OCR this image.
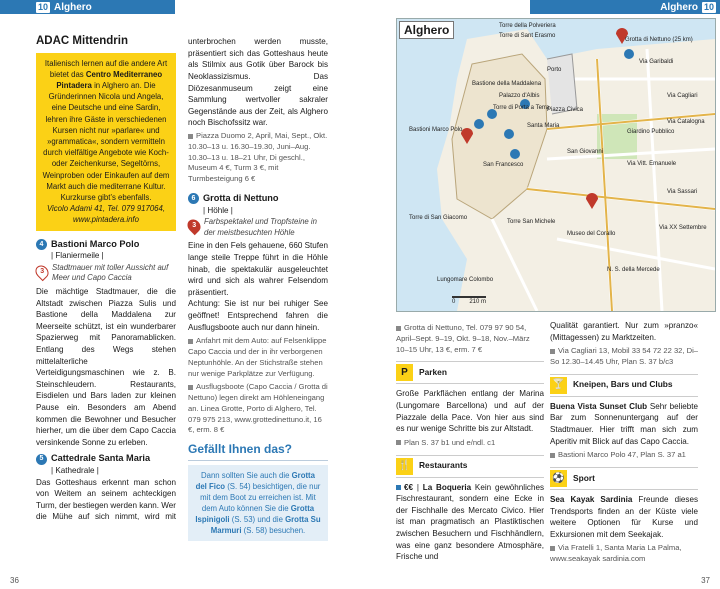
10 Alghero
ADAC Mittendrin
Italienisch lernen auf die andere Art bietet das Centro Mediterraneo Pintadera in Alghero an. Die Gründerinnen Nicola und Angela, eine Deutsche und eine Sardin, lehren ihre Gäste in verschiedenen Kursen nicht nur »parlare« und »grammatica«, sondern vermitteln durch vielfältige Angebote wie Koch- oder Zeichenkurse, Segeltörns, Weinproben oder Einkaufen auf dem Markt auch die mediterrane Kultur. Kurzkurse gibt’s ebenfalls.
Vicolo Adami 41, Tel. 079 917064, www.pintadera.info
4 Bastioni Marco Polo
| Flaniermeile |
3 Stadtmauer mit toller Aussicht auf Meer und Capo Caccia

Die mächtige Stadtmauer, die die Altstadt zwischen Piazza Sulis und Bastione della Maddalena zur Meerseite schützt, ist ein wunderbarer Spazierweg mit Panoramablicken. Entlang des Wegs stehen mittelalterliche Verteidigungsmaschinen wie z. B. Steinschleudern. Restaurants, Eisdielen und Bars laden zur kleinen Pause ein. Besonders am Abend kommen die Bewohner und Besucher hierher, um die über dem Capo Caccia versinkende Sonne zu erleben.

5 Cattedrale Santa Maria
| Kathedrale |

Das Gotteshaus erkennt man schon von Weitem an seinem achteckigen Turm, der bestiegen werden kann. Wer die Mühe auf sich nimmt, wird mit

unterbrochen werden musste, präsentiert sich das Gotteshaus heute als Stilmix aus Gotik über Barock bis Neoklassizismus. Das Diözesanmuseum zeigt eine Sammlung wertvoller sakraler Gegenstände aus der Zeit, als Alghero noch Bischofssitz war.

Piazza Duomo 2, April, Mai, Sept., Okt. 10.30–13 u. 16.30–19.30, Juni–Aug. 10.30–13 u. 18–21 Uhr, Di geschl., Museum 4 €, Turm 3 €, mit Turmbesteigung 6 €
6 Grotta di Nettuno
| Höhle |
3 Farbspektakel und Tropfsteine in der meistbesuchten Höhle

Eine in den Fels gehauene, 660 Stufen lange steile Treppe führt in die Höhle hinab, die spektakulär ausgeleuchtet wird und sich als wahrer Felsendom präsentiert.

Achtung: Sie ist nur bei ruhiger See geöffnet! Entsprechend fahren die Ausflugsboote auch nur dann hinein.

Anfahrt mit dem Auto: auf Felsenklippe Capo Caccia und der in ihr verborgenen Neptunhöhle. An der Stichstraße stehen nur wenige Parkplätze zur Verfügung.
Ausflugsboote (Capo Caccia / Grotta di Nettuno) legen direkt am Höhleneingang an. Linea Grotte, Porto di Alghero, Tel. 079 975 213, www.grottedinettuno.it, 16 €, erm. 8 €
Gefällt Ihnen das?
Dann sollten Sie auch die Grotta del Fico (S. 54) besichtigen, die nur mit dem Boot zu erreichen ist. Mit dem Auto können Sie die Grotta Ispinigoli (S. 53) und die Grotta Su Marmuri (S. 58) besuchen.
36
Alghero 10
Alghero
0 210 m
Torre della Polveriera
Torre di Sant Erasmo
Porto
Grotta di Nettuno (25 km)
Bastione della Maddalena
Palazzo d'Albis
Torre di Porta a Terra
Piazza Civica
Santa Maria
Bastioni Marco Polo
San Francesco
San Giovanni
Giardino Pubblico
Via Catalogna
Via Vitt. Emanuele
Via Sassari
Torre di San Giacomo
Torre San Michele
Museo del Corallo
N. S. della Mercede
Via XX Settembre
Lungomare Colombo
Via Garibaldi
Via Cagliari
Grotta di Nettuno, Tel. 079 97 90 54, April–Sept. 9–19, Okt. 9–18, Nov.–März 10–15 Uhr, 13 €, erm. 7 €
P	Parken

Große Parkflächen entlang der Marina (Lungomare Barcellona) und auf der Piazzale della Pace. Von hier aus sind es nur wenige Schritte bis zur Altstadt.

Plan S. 37 b1 und e/ndl. c1
🍴 Restaurants

€€ | La Boqueria Kein gewöhnliches Fischrestaurant, sondern eine Ecke in der Fischhalle des Mercato Civico. Hier ist man pragmatisch an Plastiktischen zwischen Besuchern und Fischhändlern, was eine ganz besondere Atmosphäre, Frische und

Qualität garantiert. Nur zum »pranzo« (Mittagessen) zu Marktzeiten.

Via Cagliari 13, Mobil 33 54 72 22 32, Di–So 12.30–14.45 Uhr, Plan S. 37 b/c3
🍸 Kneipen, Bars und Clubs

Buena Vista Sunset Club Sehr beliebte Bar zum Sonnenuntergang auf der Stadtmauer. Hier trifft man sich zum Aperitiv mit Blick auf das Capo Caccia.

Bastioni Marco Polo 47, Plan S. 37 a1
⚽ Sport

Sea Kayak Sardinia Freunde dieses Trendsports finden an der Küste viele weitere Optionen für Kurse und Exkursionen mit dem Seekajak.

Via Fratelli 1, Santa Maria La Palma, www.seakayak sardinia.com
37
